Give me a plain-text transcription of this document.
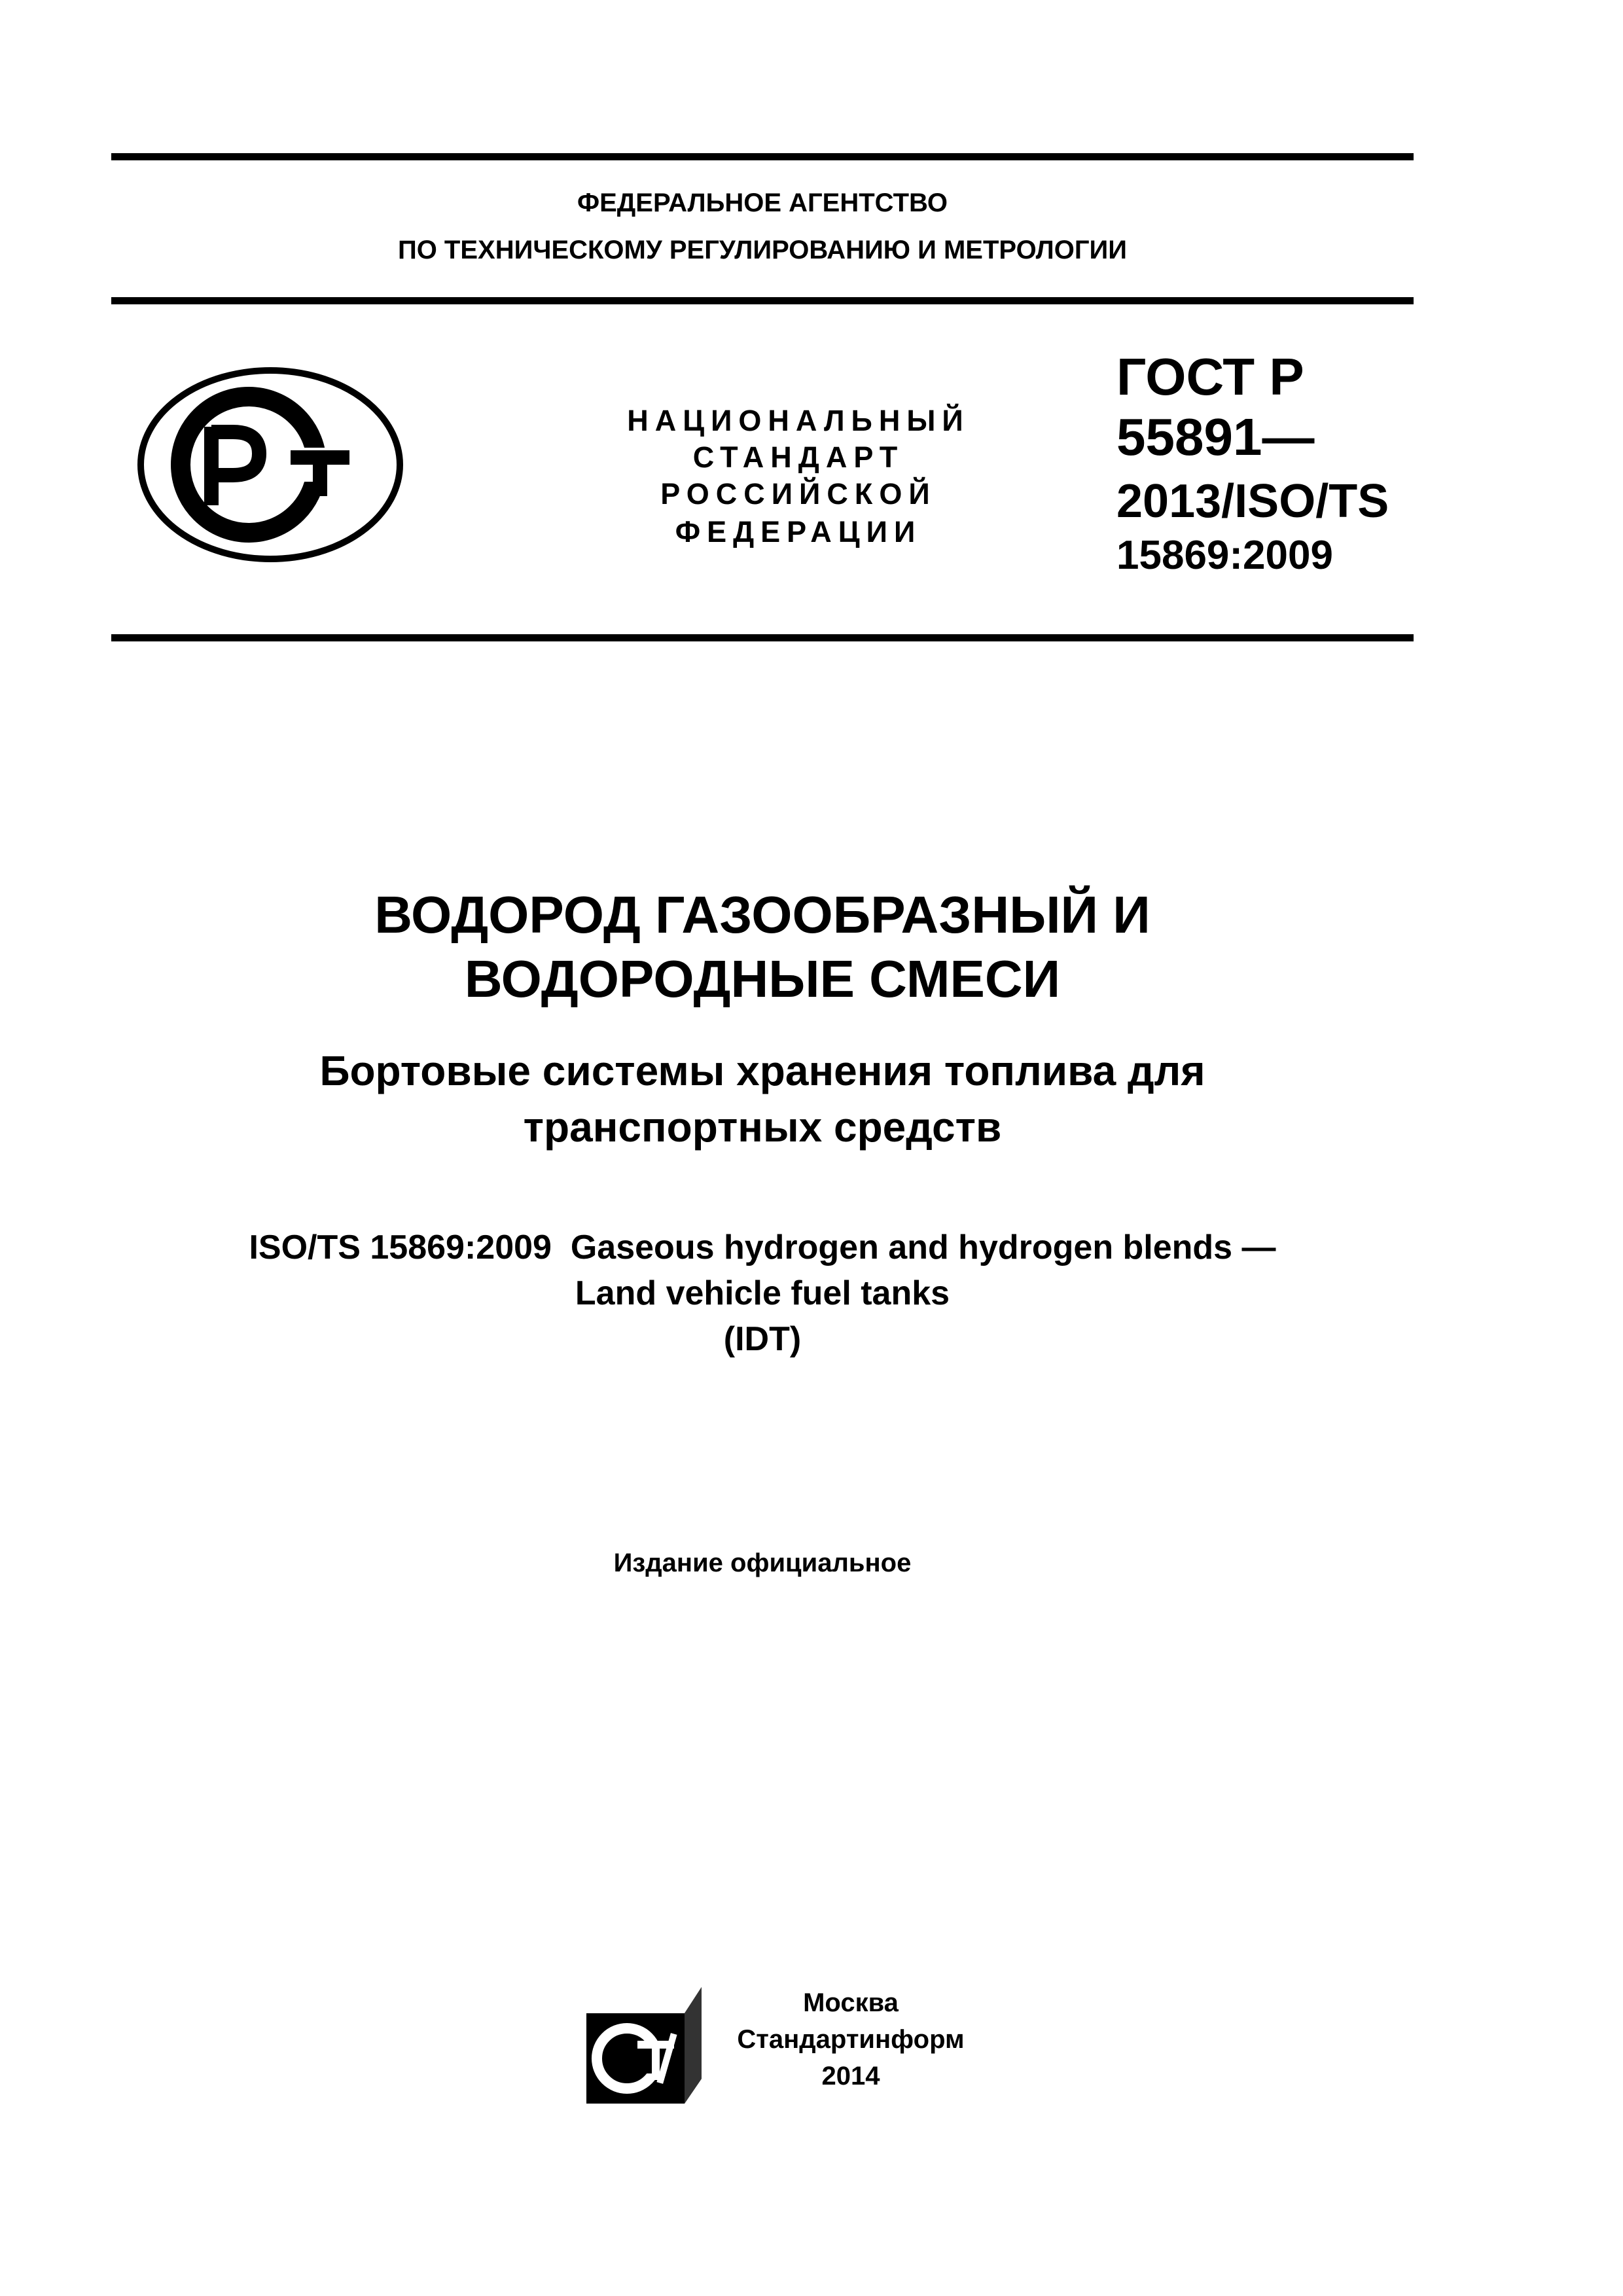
ФЕДЕРАЛЬНОЕ АГЕНТСТВО
ПО ТЕХНИЧЕСКОМУ РЕГУЛИРОВАНИЮ И МЕТРОЛОГИИ
НАЦИОНАЛЬНЫЙ
СТАНДАРТ
РОССИЙСКОЙ
ФЕДЕРАЦИИ
ГОСТ Р
55891—
2013/ISO/TS
15869:2009
ВОДОРОД ГАЗООБРАЗНЫЙ И
ВОДОРОДНЫЕ СМЕСИ
Бортовые системы хранения топлива для
транспортных средств
ISO/TS 15869:2009  Gaseous hydrogen and hydrogen blends —
Land vehicle fuel tanks
(IDT)
Издание официальное
Москва
Стандартинформ
2014
